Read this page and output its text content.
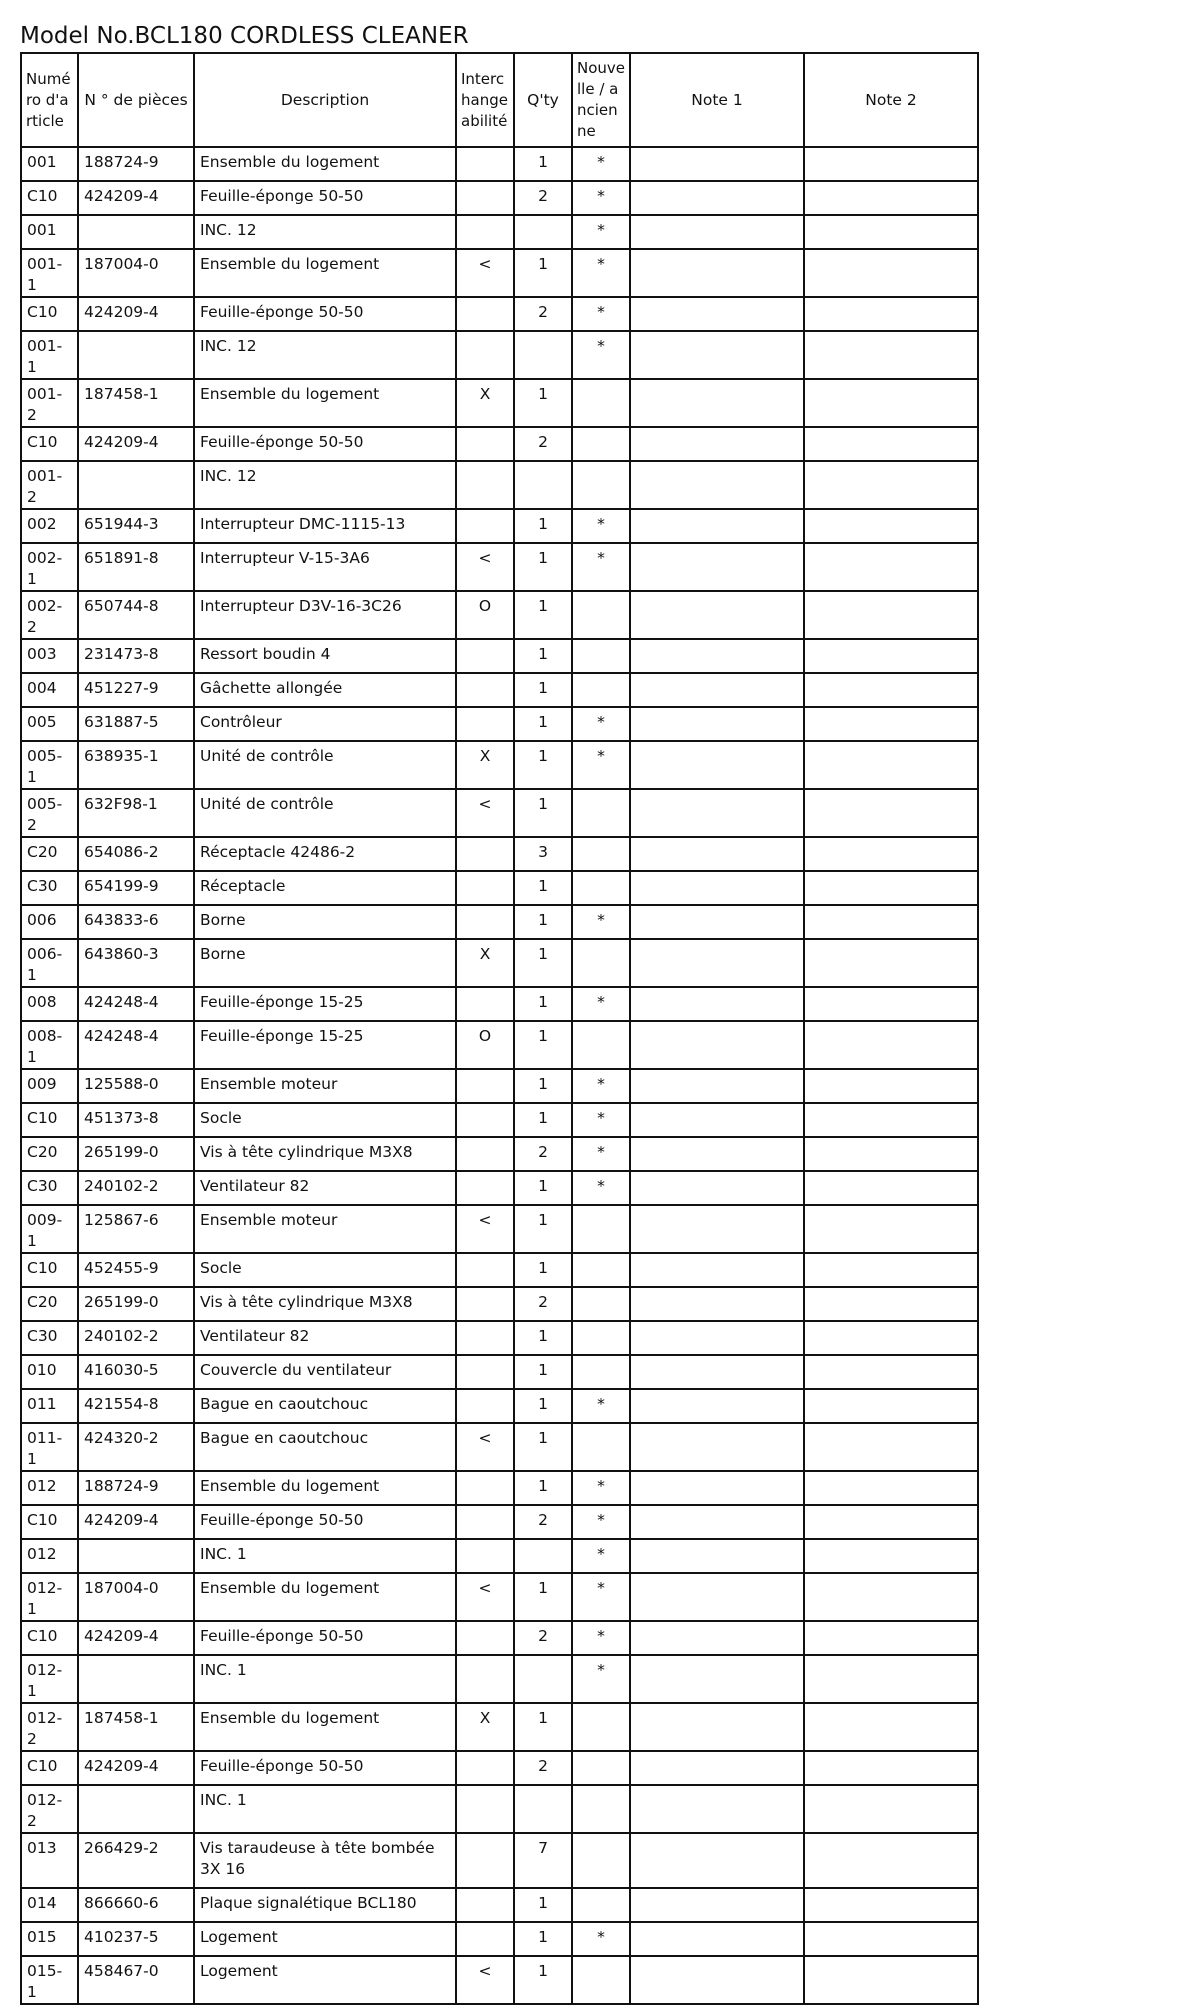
Model No.BCL180 CORDLESS CLEANER
Numéro d'article	N ° de pièces	Description	Interchangeabilité	Q'ty	Nouvelle / ancienne	Note 1	Note 2
001	188724-9	Ensemble du logement		1	*		
C10	424209-4	Feuille-éponge 50-50		2	*		
001		INC. 12			*		
001-1	187004-0	Ensemble du logement	<	1	*		
C10	424209-4	Feuille-éponge 50-50		2	*		
001-1		INC. 12			*		
001-2	187458-1	Ensemble du logement	X	1			
C10	424209-4	Feuille-éponge 50-50		2			
001-2		INC. 12					
002	651944-3	Interrupteur DMC-1115-13		1	*		
002-1	651891-8	Interrupteur V-15-3A6	<	1	*		
002-2	650744-8	Interrupteur D3V-16-3C26	O	1			
003	231473-8	Ressort boudin 4		1			
004	451227-9	Gâchette allongée		1			
005	631887-5	Contrôleur		1	*		
005-1	638935-1	Unité de contrôle	X	1	*		
005-2	632F98-1	Unité de contrôle	<	1			
C20	654086-2	Réceptacle 42486-2		3			
C30	654199-9	Réceptacle		1			
006	643833-6	Borne		1	*		
006-1	643860-3	Borne	X	1			
008	424248-4	Feuille-éponge 15-25		1	*		
008-1	424248-4	Feuille-éponge 15-25	O	1			
009	125588-0	Ensemble moteur		1	*		
C10	451373-8	Socle		1	*		
C20	265199-0	Vis à tête cylindrique M3X8		2	*		
C30	240102-2	Ventilateur 82		1	*		
009-1	125867-6	Ensemble moteur	<	1			
C10	452455-9	Socle		1			
C20	265199-0	Vis à tête cylindrique M3X8		2			
C30	240102-2	Ventilateur 82		1			
010	416030-5	Couvercle du ventilateur		1			
011	421554-8	Bague en caoutchouc		1	*		
011-1	424320-2	Bague en caoutchouc	<	1			
012	188724-9	Ensemble du logement		1	*		
C10	424209-4	Feuille-éponge 50-50		2	*		
012		INC. 1			*		
012-1	187004-0	Ensemble du logement	<	1	*		
C10	424209-4	Feuille-éponge 50-50		2	*		
012-1		INC. 1			*		
012-2	187458-1	Ensemble du logement	X	1			
C10	424209-4	Feuille-éponge 50-50		2			
012-2		INC. 1					
013	266429-2	Vis taraudeuse à tête bombée 3X 16		7			
014	866660-6	Plaque signalétique BCL180		1			
015	410237-5	Logement		1	*		
015-1	458467-0	Logement	<	1			
